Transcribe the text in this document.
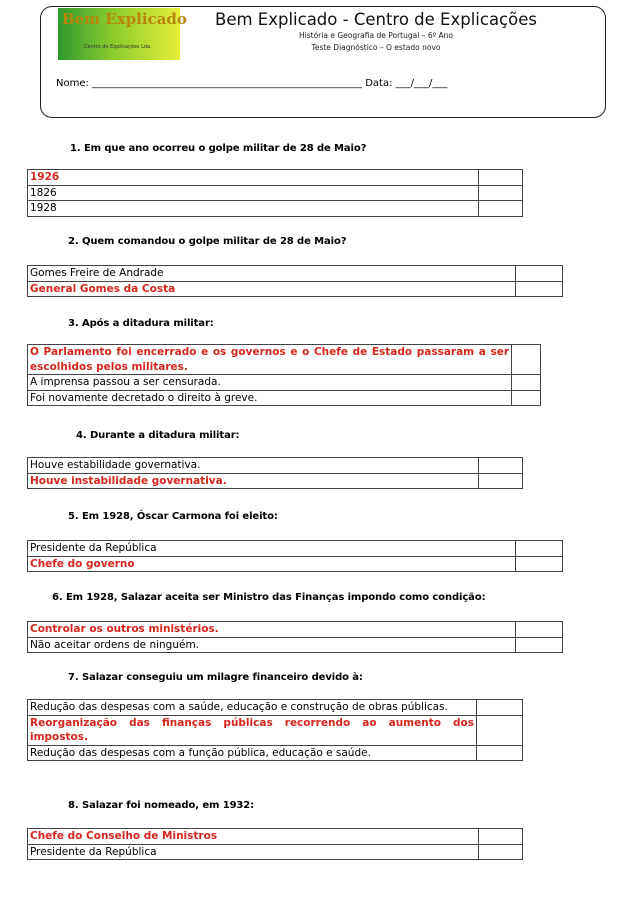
Bem Explicado
Centro de Explicações Lda.
Bem Explicado - Centro de Explicações
História e Geografia de Portugal – 6º Ano
Teste Diagnóstico – O estado novo
Nome: ______________________________________________________ Data: ___/___/___
1. Em que ano ocorreu o golpe militar de 28 de Maio?
1926	
1826	
1928	
2. Quem comandou o golpe militar de 28 de Maio?
Gomes Freire de Andrade	
General Gomes da Costa	
3. Após a ditadura militar:
O Parlamento foi encerrado e os governos e o Chefe de Estado passaram a ser escolhidos pelos militares.	
A imprensa passou a ser censurada.	
Foi novamente decretado o direito à greve.	
4. Durante a ditadura militar:
Houve estabilidade governativa.	
Houve instabilidade governativa.	
5. Em 1928, Óscar Carmona foi eleito:
Presidente da República	
Chefe do governo	
6. Em 1928, Salazar aceita ser Ministro das Finanças impondo como condição:
Controlar os outros ministérios.	
Não aceitar ordens de ninguém.	
7. Salazar conseguiu um milagre financeiro devido à:
Redução das despesas com a saúde, educação e construção de obras públicas.	
Reorganização das finanças públicas recorrendo ao aumento dos impostos.	
Redução das despesas com a função pública, educação e saúde.	
8. Salazar foi nomeado, em 1932:
Chefe do Conselho de Ministros	
Presidente da República	
